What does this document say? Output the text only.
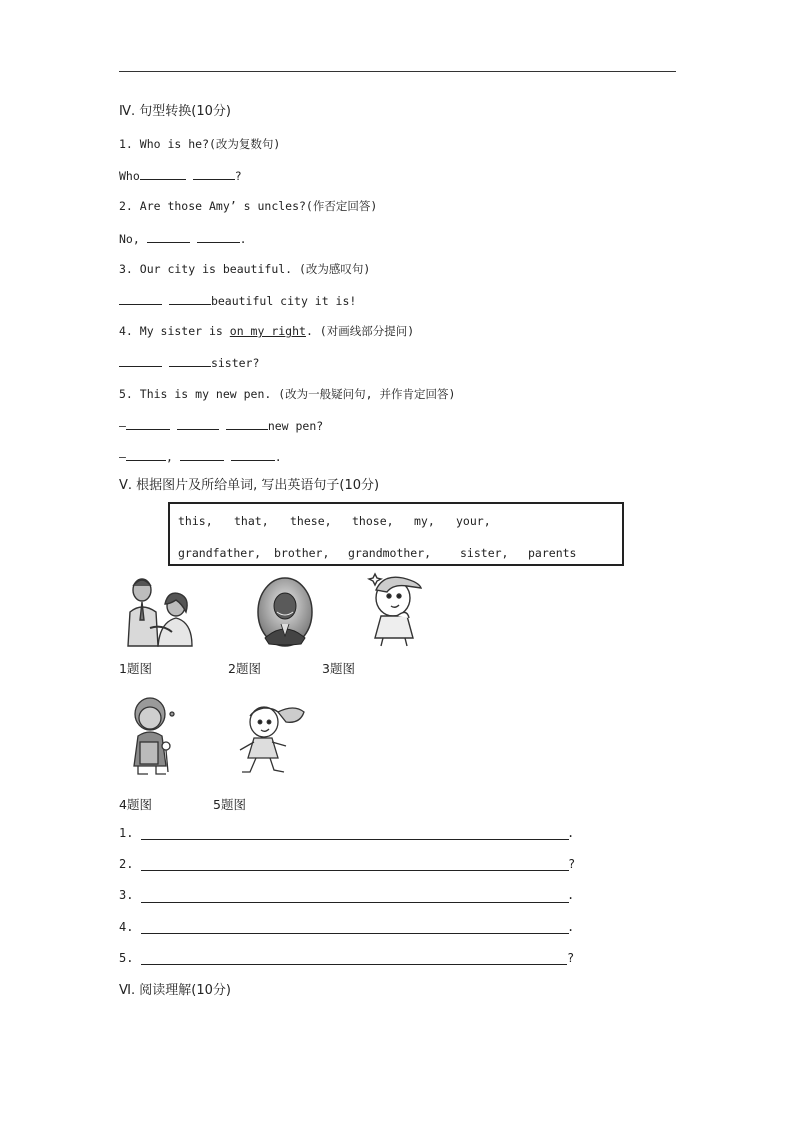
Ⅳ. 句型转换(10分)
1. Who is he?(改为复数句)
Who	?
2. Are those Amy’ s uncles?(作否定回答)
No,	.
3. Our city is beautiful. (改为感叹句)
beautiful city it is!
4. My sister is on my right. (对画线部分提问)
sister?
5. This is my new pen. (改为一般疑问句, 并作肯定回答)
—	new pen?
—	,	.
Ⅴ. 根据图片及所给单词, 写出英语句子(10分)
this, that, these, those, my, your,
grandfather, brother, grandmother,	sister, parents
1题图	2题图	3题图
4题图	5题图
1.	.
2.	?
3.	.
4.	.
5.	?
Ⅵ. 阅读理解(10分)
